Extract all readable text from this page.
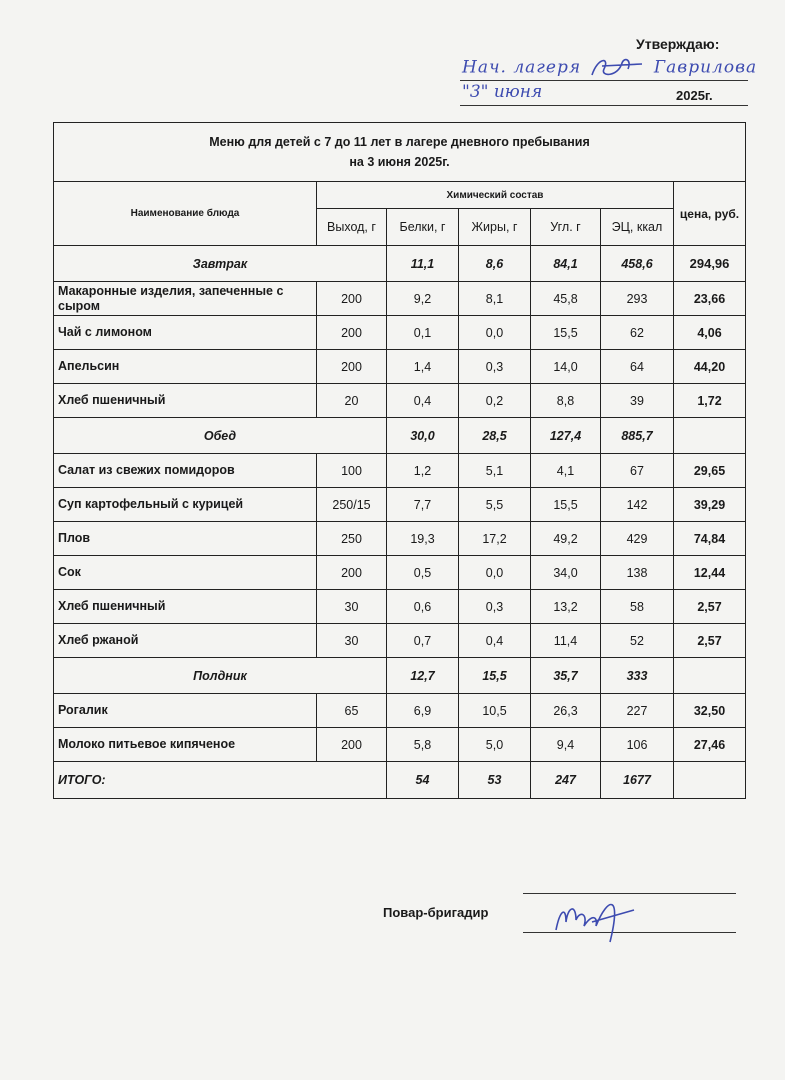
Утверждаю:
Нач. лагеря	Гаврилова
"3" июня	2025г.
Меню для детей с 7 до 11 лет в лагере дневного пребывания
на 3 июня 2025г.						

Наименование блюда	Химический состав					цена, руб.
	Выход, г	Белки, г	Жиры, г	Угл. г	ЭЦ, ккал	
Завтрак		11,1	8,6	84,1	458,6	294,96
Макаронные изделия, запеченные с сыром	200	9,2	8,1	45,8	293	23,66
Чай с лимоном	200	0,1	0,0	15,5	62	4,06
Апельсин	200	1,4	0,3	14,0	64	44,20
Хлеб пшеничный	20	0,4	0,2	8,8	39	1,72
Обед		30,0	28,5	127,4	885,7	
Салат из свежих помидоров	100	1,2	5,1	4,1	67	29,65
Суп картофельный с курицей	250/15	7,7	5,5	15,5	142	39,29
Плов	250	19,3	17,2	49,2	429	74,84
Сок	200	0,5	0,0	34,0	138	12,44
Хлеб пшеничный	30	0,6	0,3	13,2	58	2,57
Хлеб ржаной	30	0,7	0,4	11,4	52	2,57
Полдник		12,7	15,5	35,7	333	
Рогалик	65	6,9	10,5	26,3	227	32,50
Молоко питьевое кипяченое	200	5,8	5,0	9,4	106	27,46
ИТОГО:		54	53	247	1677	
Повар-бригадир
